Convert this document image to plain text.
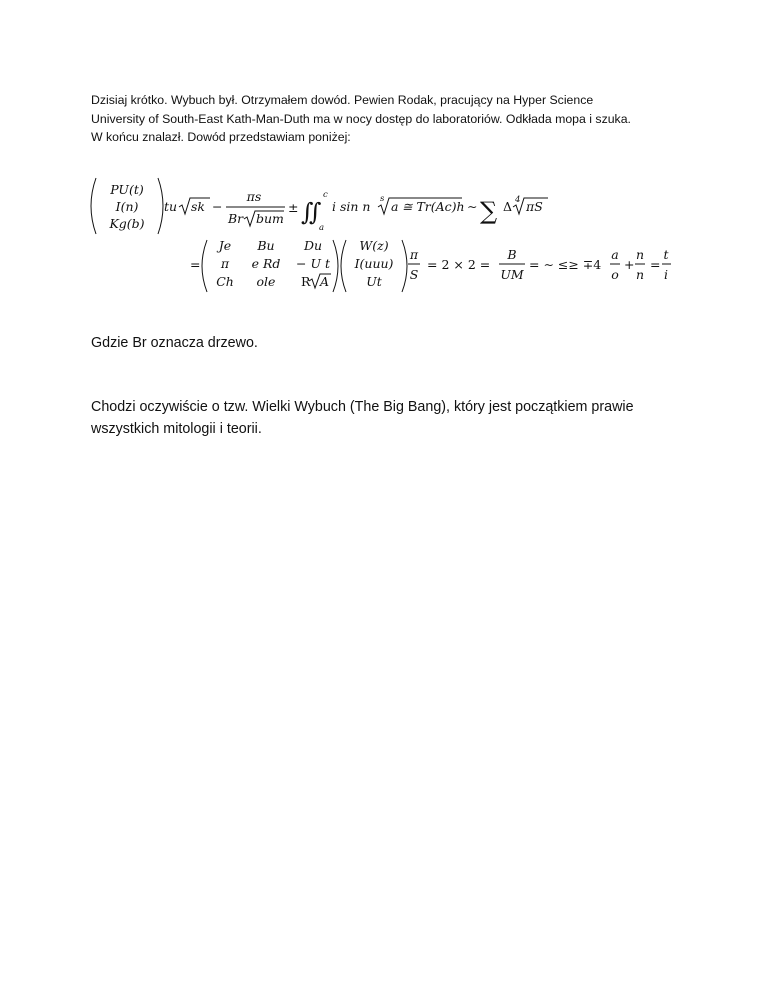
Dzisiaj krótko. Wybuch był. Otrzymałem dowód. Pewien Rodak, pracujący na Hyper Science
University of South-East Kath-Man-Duth ma w nocy dostęp do laboratoriów. Odkłada mopa i szuka.
W końcu znalazł. Dowód przedstawiam poniżej:
PU(t)
I(n)
Kg(b)
tu sk −
πs
Br bum
± ∬
c
a
i sin n s a ≅ Tr(Ac)h ∼ ∑ Δ 4 πS
=
Je Bu Du
π e Rd − U t
Ch ole R A
W(z)
I(uuu)
Ut
π
S
= 2 × 2 =
B
UM
= ∼ ≤≥ ∓4
a
o
+
n
n
=
t
i
Gdzie Br oznacza drzewo.
Chodzi oczywiście o tzw. Wielki Wybuch (The Big Bang), który jest początkiem prawie
wszystkich mitologii i teorii.
